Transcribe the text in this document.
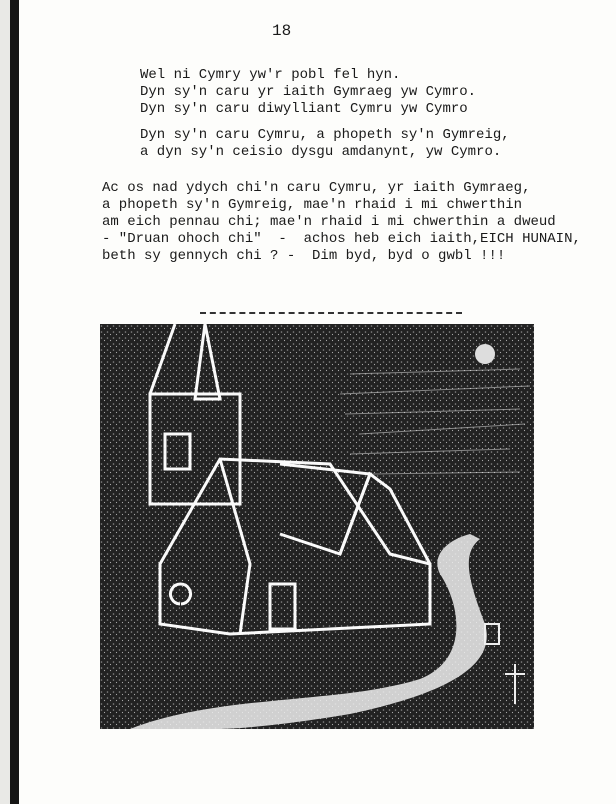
18
Wel ni Cymry yw'r pobl fel hyn.
Dyn sy'n caru yr iaith Gymraeg yw Cymro.
Dyn sy'n caru diwylliant Cymru yw Cymro
Dyn sy'n caru Cymru, a phopeth sy'n Gymreig,
a dyn sy'n ceisio dysgu amdanynt, yw Cymro.
Ac os nad ydych chi'n caru Cymru, yr iaith Gymraeg,
a phopeth sy'n Gymreig, mae'n rhaid i mi chwerthin
am eich pennau chi; mae'n rhaid i mi chwerthin a dweud
- "Druan ohoch chi"  -  achos heb eich iaith,EICH HUNAIN,
beth sy gennych chi ? -  Dim byd, byd o gwbl !!!
